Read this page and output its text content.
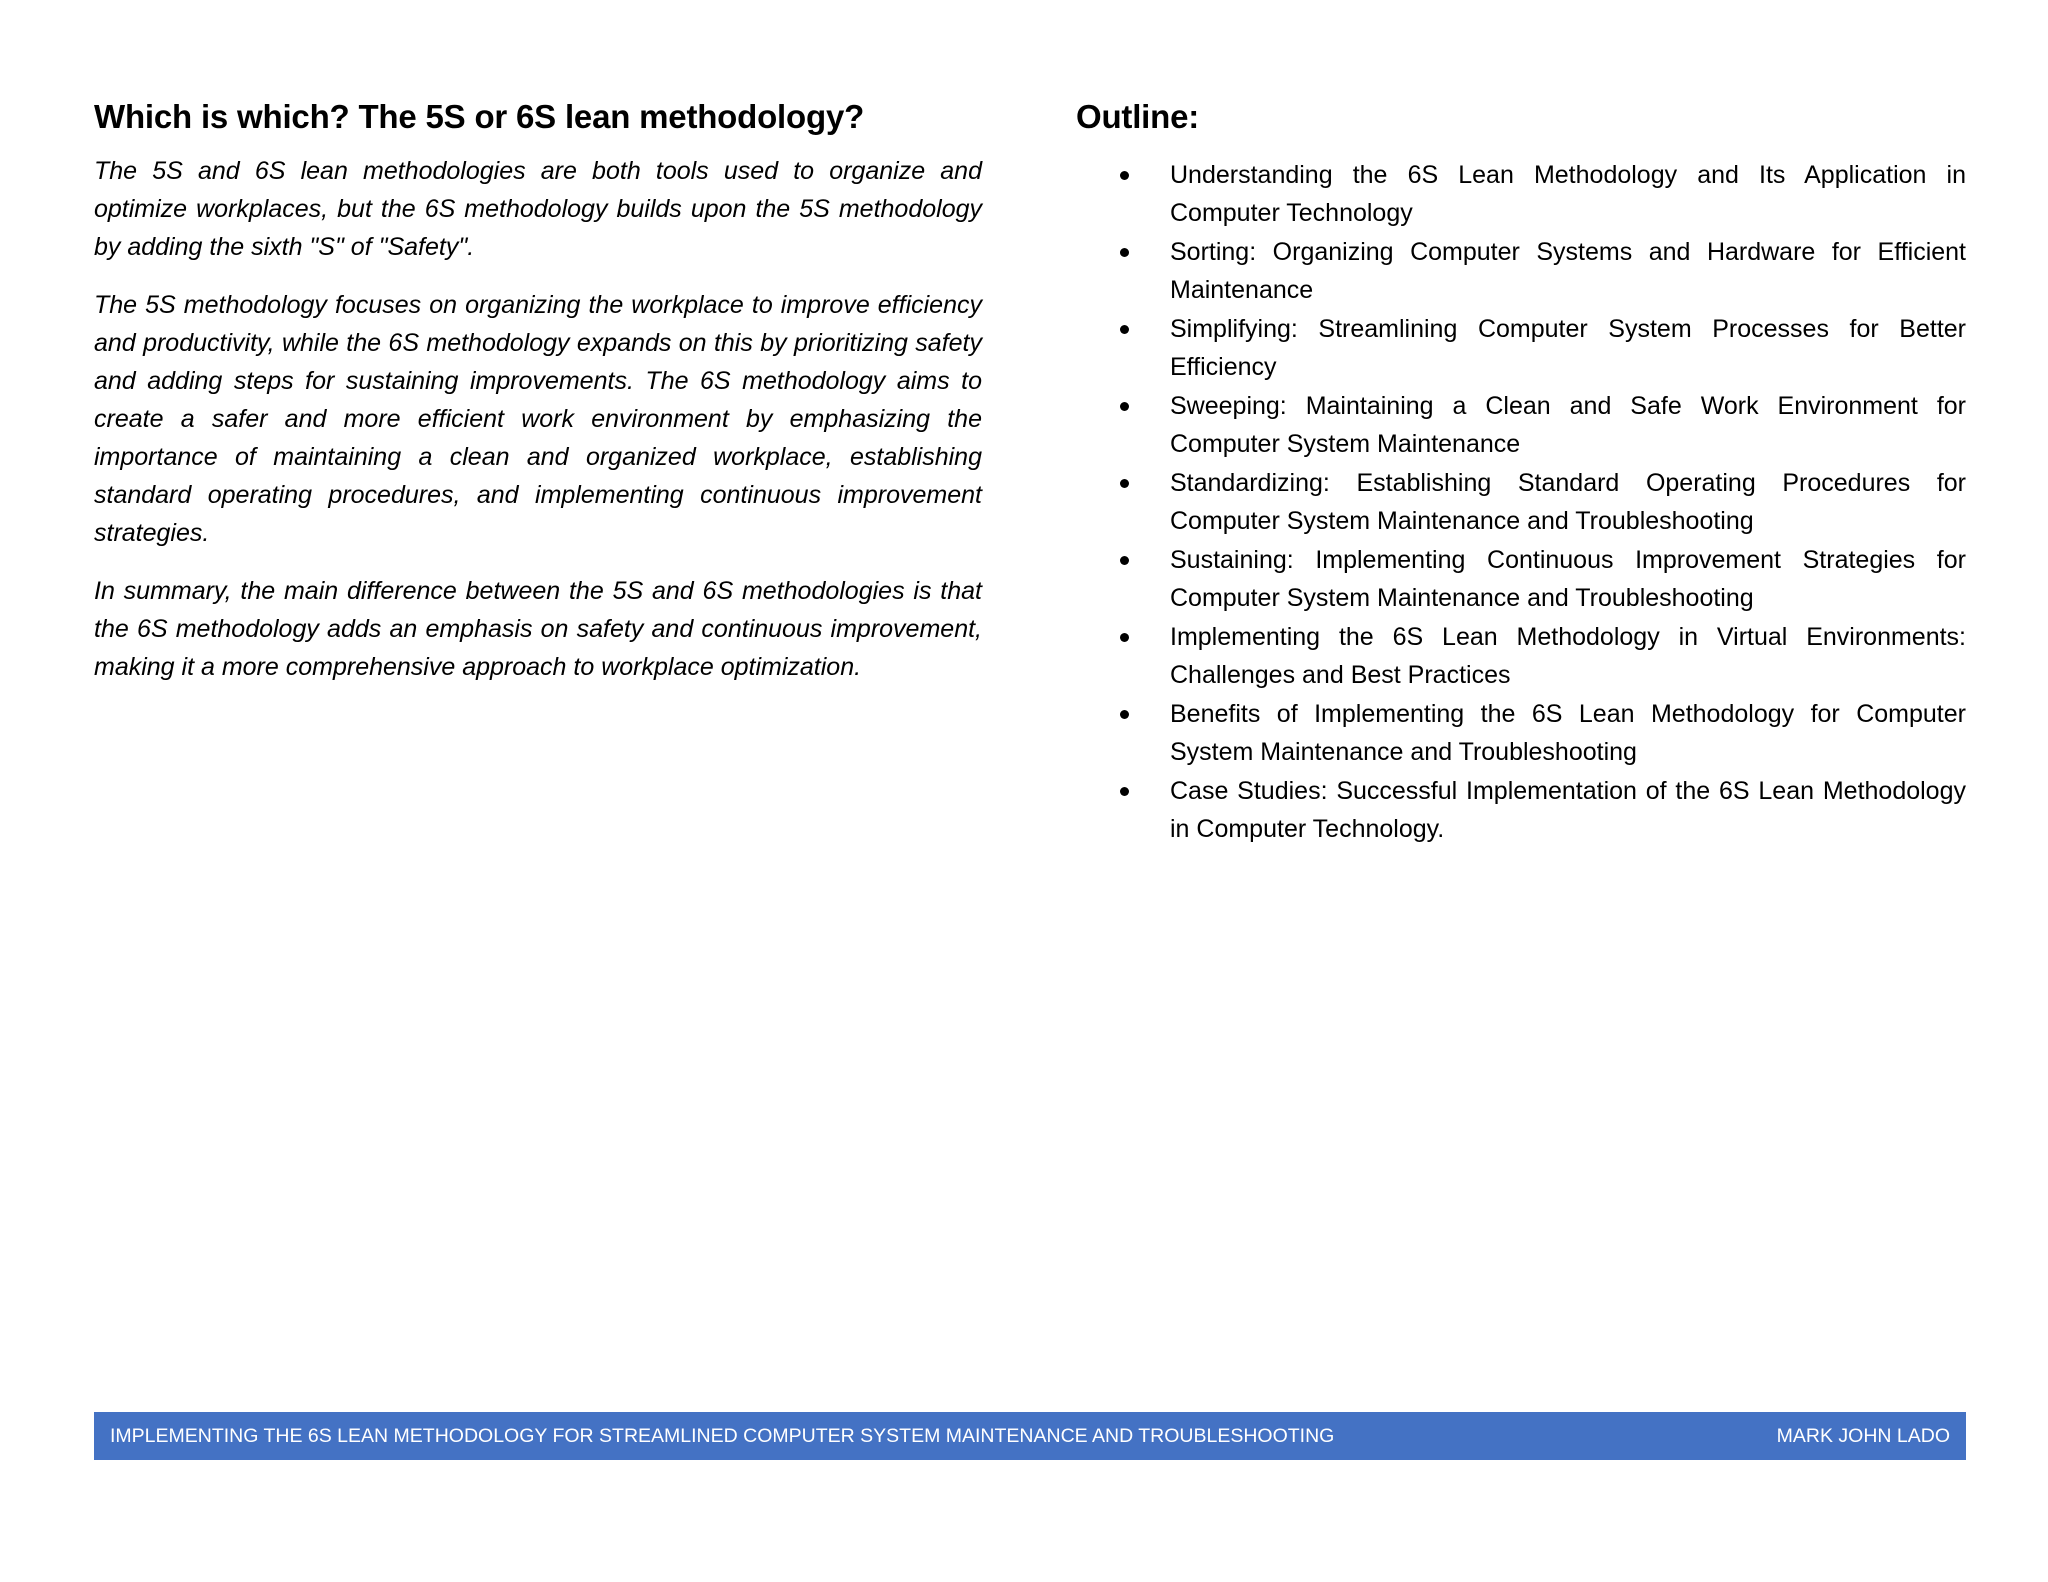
Which is which? The 5S or 6S lean methodology?

The 5S and 6S lean methodologies are both tools used to organize and optimize workplaces, but the 6S methodology builds upon the 5S methodology by adding the sixth "S" of "Safety".

The 5S methodology focuses on organizing the workplace to improve efficiency and productivity, while the 6S methodology expands on this by prioritizing safety and adding steps for sustaining improvements. The 6S methodology aims to create a safer and more efficient work environment by emphasizing the importance of maintaining a clean and organized workplace, establishing standard operating procedures, and implementing continuous improvement strategies.

In summary, the main difference between the 5S and 6S methodologies is that the 6S methodology adds an emphasis on safety and continuous improvement, making it a more comprehensive approach to workplace optimization.

Outline:
Understanding the 6S Lean Methodology and Its Application in Computer Technology
Sorting: Organizing Computer Systems and Hardware for Efficient Maintenance
Simplifying: Streamlining Computer System Processes for Better Efficiency
Sweeping: Maintaining a Clean and Safe Work Environment for Computer System Maintenance
Standardizing: Establishing Standard Operating Procedures for Computer System Maintenance and Troubleshooting
Sustaining: Implementing Continuous Improvement Strategies for Computer System Maintenance and Troubleshooting
Implementing the 6S Lean Methodology in Virtual Environments: Challenges and Best Practices
Benefits of Implementing the 6S Lean Methodology for Computer System Maintenance and Troubleshooting
Case Studies: Successful Implementation of the 6S Lean Methodology in Computer Technology.
IMPLEMENTING THE 6S LEAN METHODOLOGY FOR STREAMLINED COMPUTER SYSTEM MAINTENANCE AND TROUBLESHOOTING	MARK JOHN LADO
